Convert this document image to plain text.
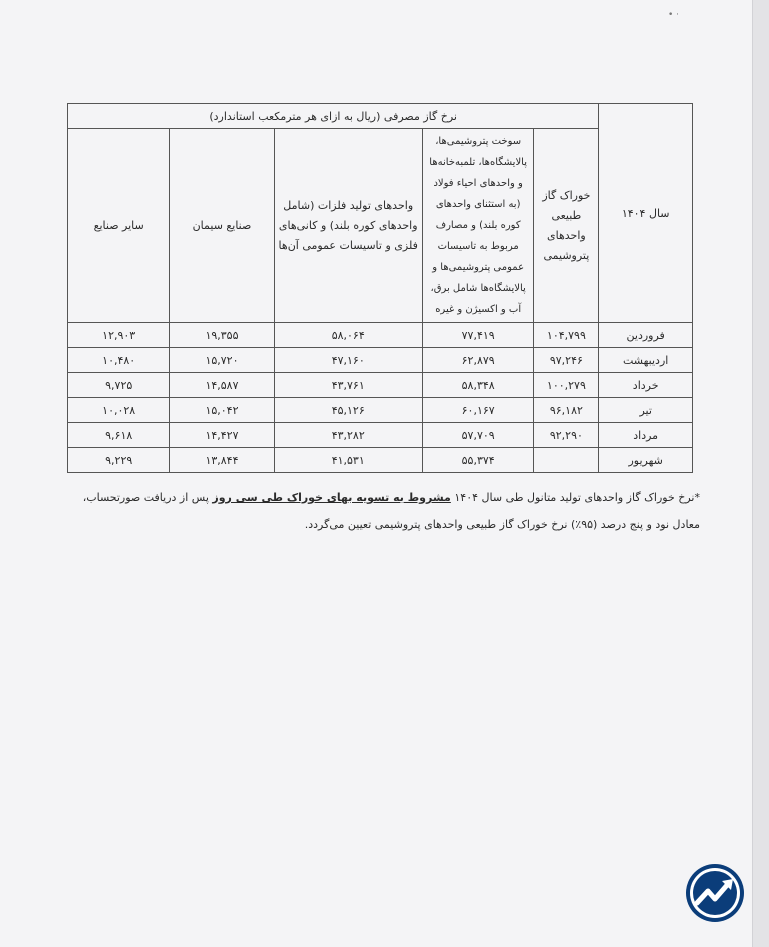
•‌‌ ‌‍·
سال ۱۴۰۴	نرخ گاز مصرفی (ریال به ازای هر مترمکعب استاندارد)				
	خوراک گاز طبیعی واحدهای پتروشیمی	سوخت پتروشیمی‌ها، پالایشگاه‌ها، تلمبه‌خانه‌ها و واحدهای احیاء فولاد (به استثنای واحدهای کوره بلند) و مصارف مربوط به تاسیسات عمومی پتروشیمی‌ها و پالایشگاه‌ها شامل برق، آب و اکسیژن و غیره	واحدهای تولید فلزات (شامل واحدهای کوره بلند) و کانی‌های فلزی و تاسیسات عمومی آن‌ها	صنایع سیمان	سایر صنایع
فروردین	۱۰۴,۷۹۹	۷۷,۴۱۹	۵۸,۰۶۴	۱۹,۳۵۵	۱۲,۹۰۳
اردیبهشت	۹۷,۲۴۶	۶۲,۸۷۹	۴۷,۱۶۰	۱۵,۷۲۰	۱۰,۴۸۰
خرداد	۱۰۰,۲۷۹	۵۸,۳۴۸	۴۳,۷۶۱	۱۴,۵۸۷	۹,۷۲۵
تیر	۹۶,۱۸۲	۶۰,۱۶۷	۴۵,۱۲۶	۱۵,۰۴۲	۱۰,۰۲۸
مرداد	۹۲,۲۹۰	۵۷,۷۰۹	۴۳,۲۸۲	۱۴,۴۲۷	۹,۶۱۸
شهریور		۵۵,۳۷۴	۴۱,۵۳۱	۱۳,۸۴۴	۹,۲۲۹
*نرخ خوراک گاز واحدهای تولید متانول طی سال ۱۴۰۴ مشروط به تسویه بهای خوراک طی سی روز پس از دریافت صورتحساب، معادل نود و پنج درصد (۹۵٪) نرخ خوراک گاز طبیعی واحدهای پتروشیمی تعیین می‌گردد.
